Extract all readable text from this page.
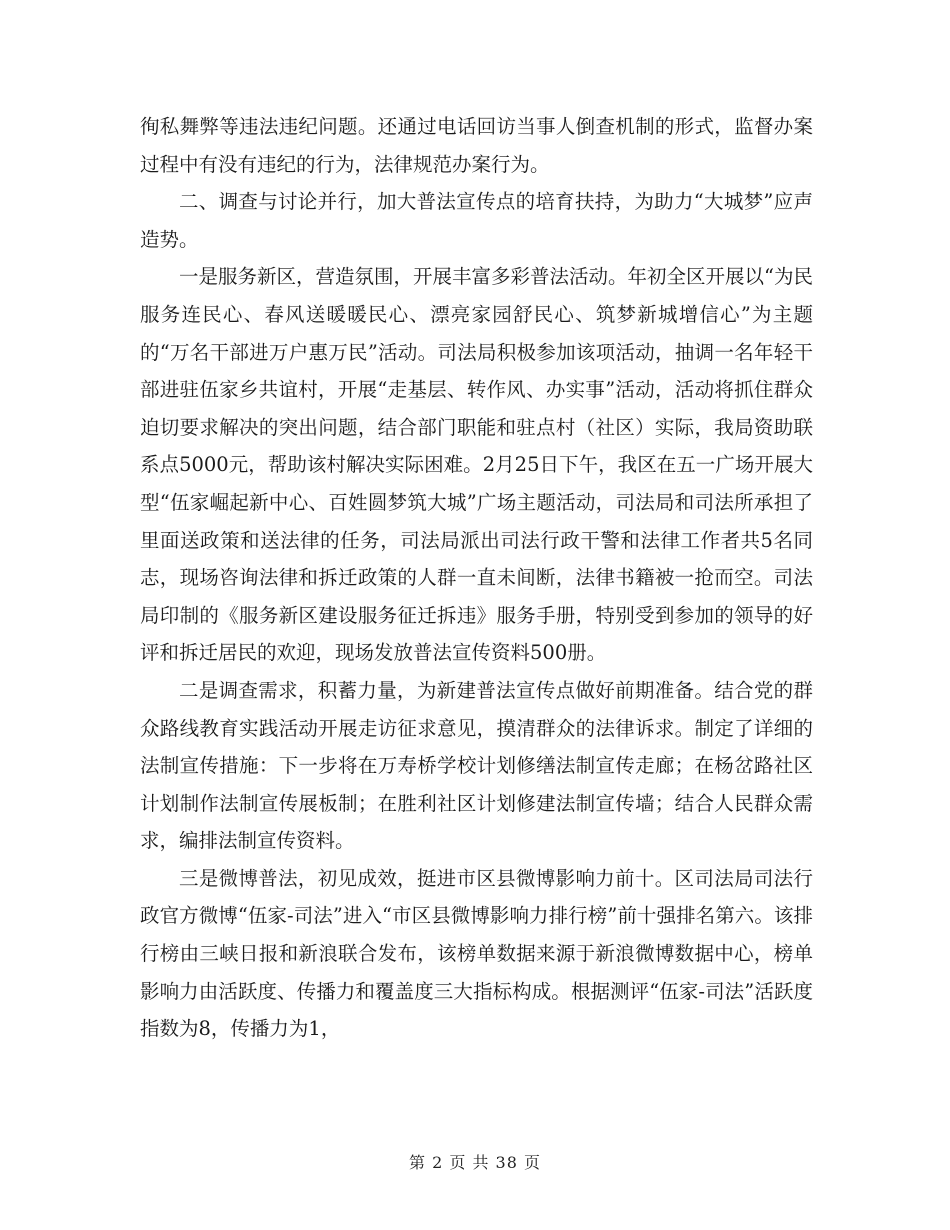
徇私舞弊等违法违纪问题。还通过电话回访当事人倒查机制的形式，监督办案过程中有没有违纪的行为，法律规范办案行为。

二、调查与讨论并行，加大普法宣传点的培育扶持，为助力“大城梦”应声造势。

一是服务新区，营造氛围，开展丰富多彩普法活动。年初全区开展以“为民服务连民心、春风送暖暖民心、漂亮家园舒民心、筑梦新城增信心”为主题的“万名干部进万户惠万民”活动。司法局积极参加该项活动，抽调一名年轻干部进驻伍家乡共谊村，开展“走基层、转作风、办实事”活动，活动将抓住群众迫切要求解决的突出问题，结合部门职能和驻点村（社区）实际，我局资助联系点5000元，帮助该村解决实际困难。2月25日下午，我区在五一广场开展大型“伍家崛起新中心、百姓圆梦筑大城”广场主题活动，司法局和司法所承担了里面送政策和送法律的任务，司法局派出司法行政干警和法律工作者共5名同志，现场咨询法律和拆迁政策的人群一直未间断，法律书籍被一抢而空。司法局印制的《服务新区建设服务征迁拆违》服务手册，特别受到参加的领导的好评和拆迁居民的欢迎，现场发放普法宣传资料500册。

二是调查需求，积蓄力量，为新建普法宣传点做好前期准备。结合党的群众路线教育实践活动开展走访征求意见，摸清群众的法律诉求。制定了详细的法制宣传措施：下一步将在万寿桥学校计划修缮法制宣传走廊；在杨岔路社区计划制作法制宣传展板制；在胜利社区计划修建法制宣传墙；结合人民群众需求，编排法制宣传资料。

三是微博普法，初见成效，挺进市区县微博影响力前十。区司法局司法行政官方微博“伍家-司法”进入“市区县微博影响力排行榜”前十强排名第六。该排行榜由三峡日报和新浪联合发布，该榜单数据来源于新浪微博数据中心，榜单影响力由活跃度、传播力和覆盖度三大指标构成。根据测评“伍家-司法”活跃度指数为8，传播力为1，

第 2 页 共 38 页
